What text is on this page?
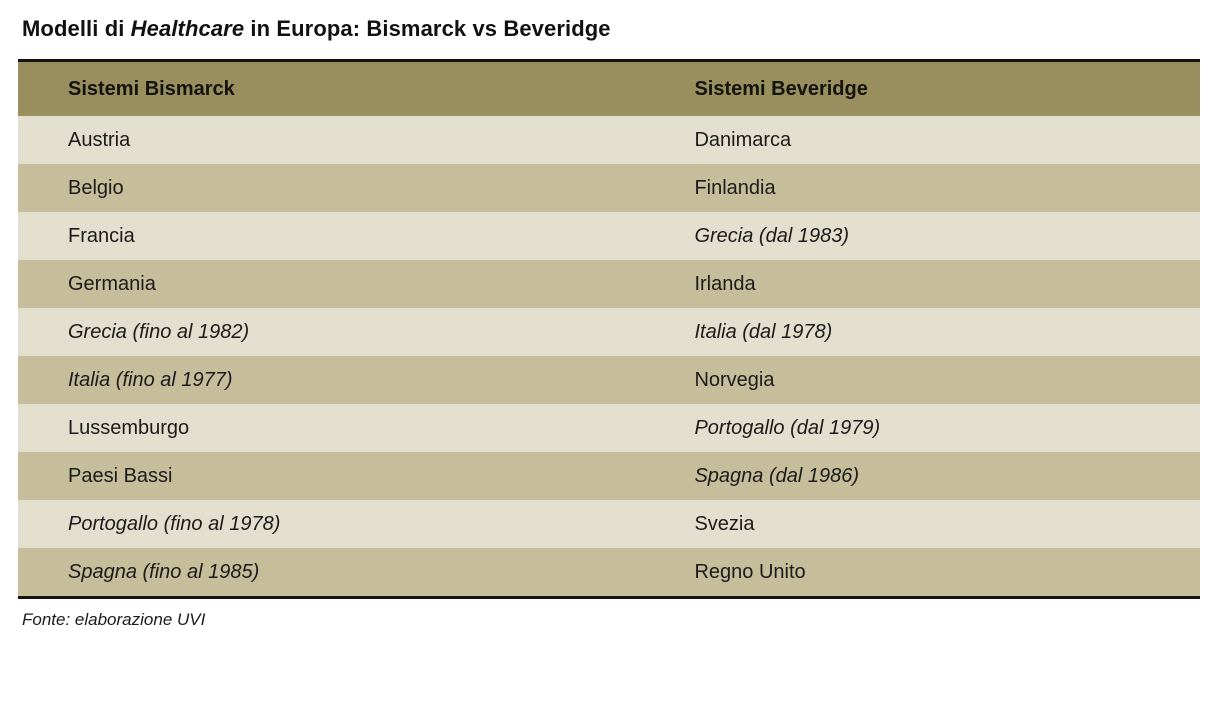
Modelli di Healthcare in Europa: Bismarck vs Beveridge
Sistemi Bismarck	Sistemi Beveridge
Austria	Danimarca
Belgio	Finlandia
Francia	Grecia (dal 1983)
Germania	Irlanda
Grecia (fino al 1982)	Italia (dal 1978)
Italia (fino al 1977)	Norvegia
Lussemburgo	Portogallo (dal 1979)
Paesi Bassi	Spagna (dal 1986)
Portogallo (fino al 1978)	Svezia
Spagna (fino al 1985)	Regno Unito
Fonte: elaborazione UVI
